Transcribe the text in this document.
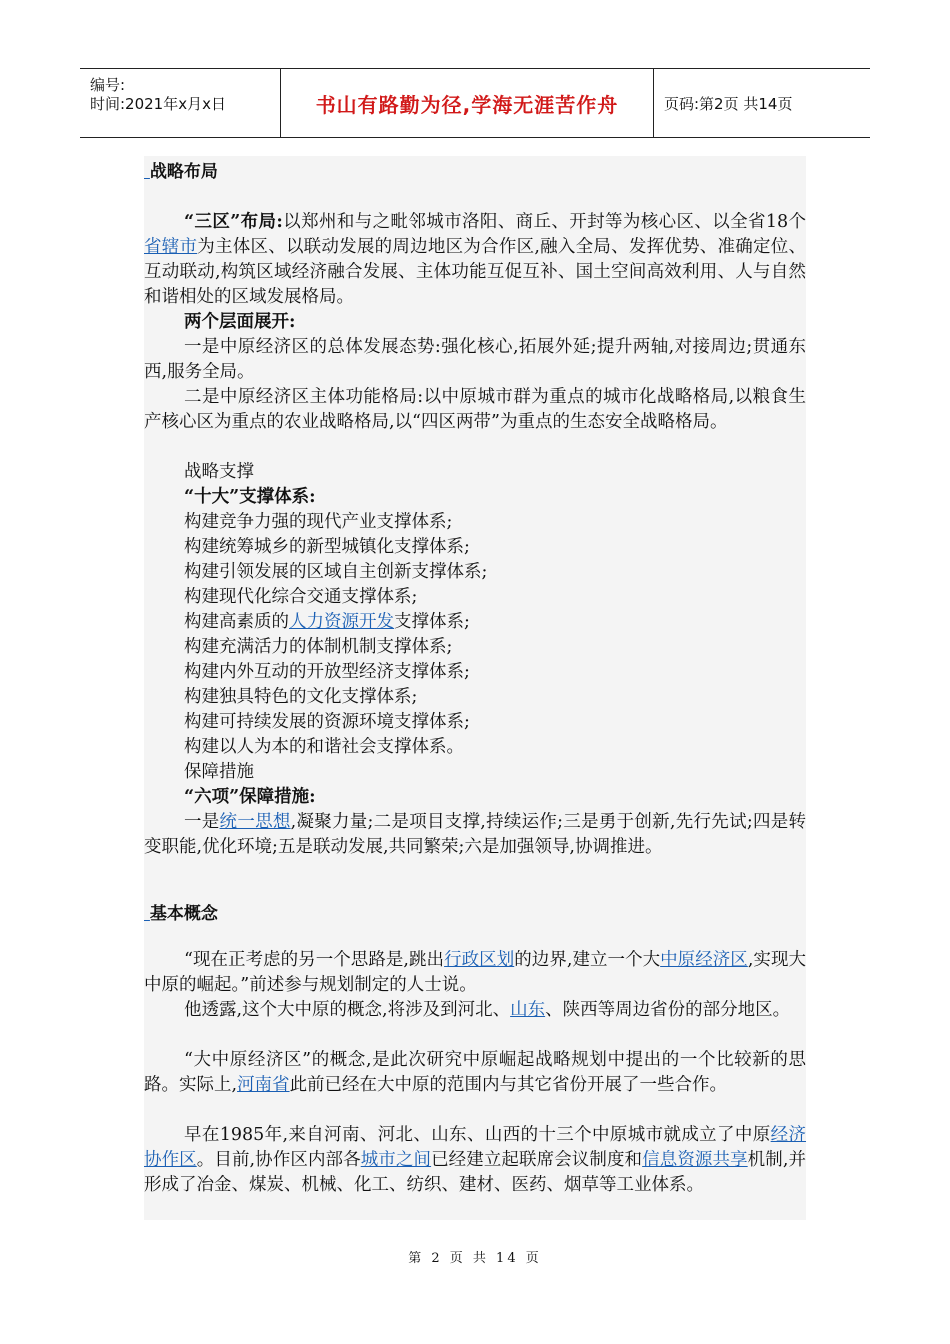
编号:
时间:2021年x月x日	书山有路勤为径,学海无涯苦作舟	页码:第2页 共14页
战略布局
“三区”布局:以郑州和与之毗邻城市洛阳、商丘、开封等为核心区、以全省18个省辖市为主体区、以联动发展的周边地区为合作区,融入全局、发挥优势、准确定位、互动联动,构筑区域经济融合发展、主体功能互促互补、国土空间高效利用、人与自然和谐相处的区域发展格局。
两个层面展开:
一是中原经济区的总体发展态势:强化核心,拓展外延;提升两轴,对接周边;贯通东西,服务全局。
二是中原经济区主体功能格局:以中原城市群为重点的城市化战略格局,以粮食生产核心区为重点的农业战略格局,以“四区两带”为重点的生态安全战略格局。
战略支撑
“十大”支撑体系:
构建竞争力强的现代产业支撑体系;
构建统筹城乡的新型城镇化支撑体系;
构建引领发展的区域自主创新支撑体系;
构建现代化综合交通支撑体系;
构建高素质的人力资源开发支撑体系;
构建充满活力的体制机制支撑体系;
构建内外互动的开放型经济支撑体系;
构建独具特色的文化支撑体系;
构建可持续发展的资源环境支撑体系;
构建以人为本的和谐社会支撑体系。
保障措施
“六项”保障措施:
一是统一思想,凝聚力量;二是项目支撑,持续运作;三是勇于创新,先行先试;四是转变职能,优化环境;五是联动发展,共同繁荣;六是加强领导,协调推进。
基本概念
“现在正考虑的另一个思路是,跳出行政区划的边界,建立一个大中原经济区,实现大中原的崛起。”前述参与规划制定的人士说。
他透露,这个大中原的概念,将涉及到河北、山东、陕西等周边省份的部分地区。
“大中原经济区”的概念,是此次研究中原崛起战略规划中提出的一个比较新的思路。实际上,河南省此前已经在大中原的范围内与其它省份开展了一些合作。
早在1985年,来自河南、河北、山东、山西的十三个中原城市就成立了中原经济协作区。目前,协作区内部各城市之间已经建立起联席会议制度和信息资源共享机制,并形成了冶金、煤炭、机械、化工、纺织、建材、医药、烟草等工业体系。
第 2 页 共 14 页
